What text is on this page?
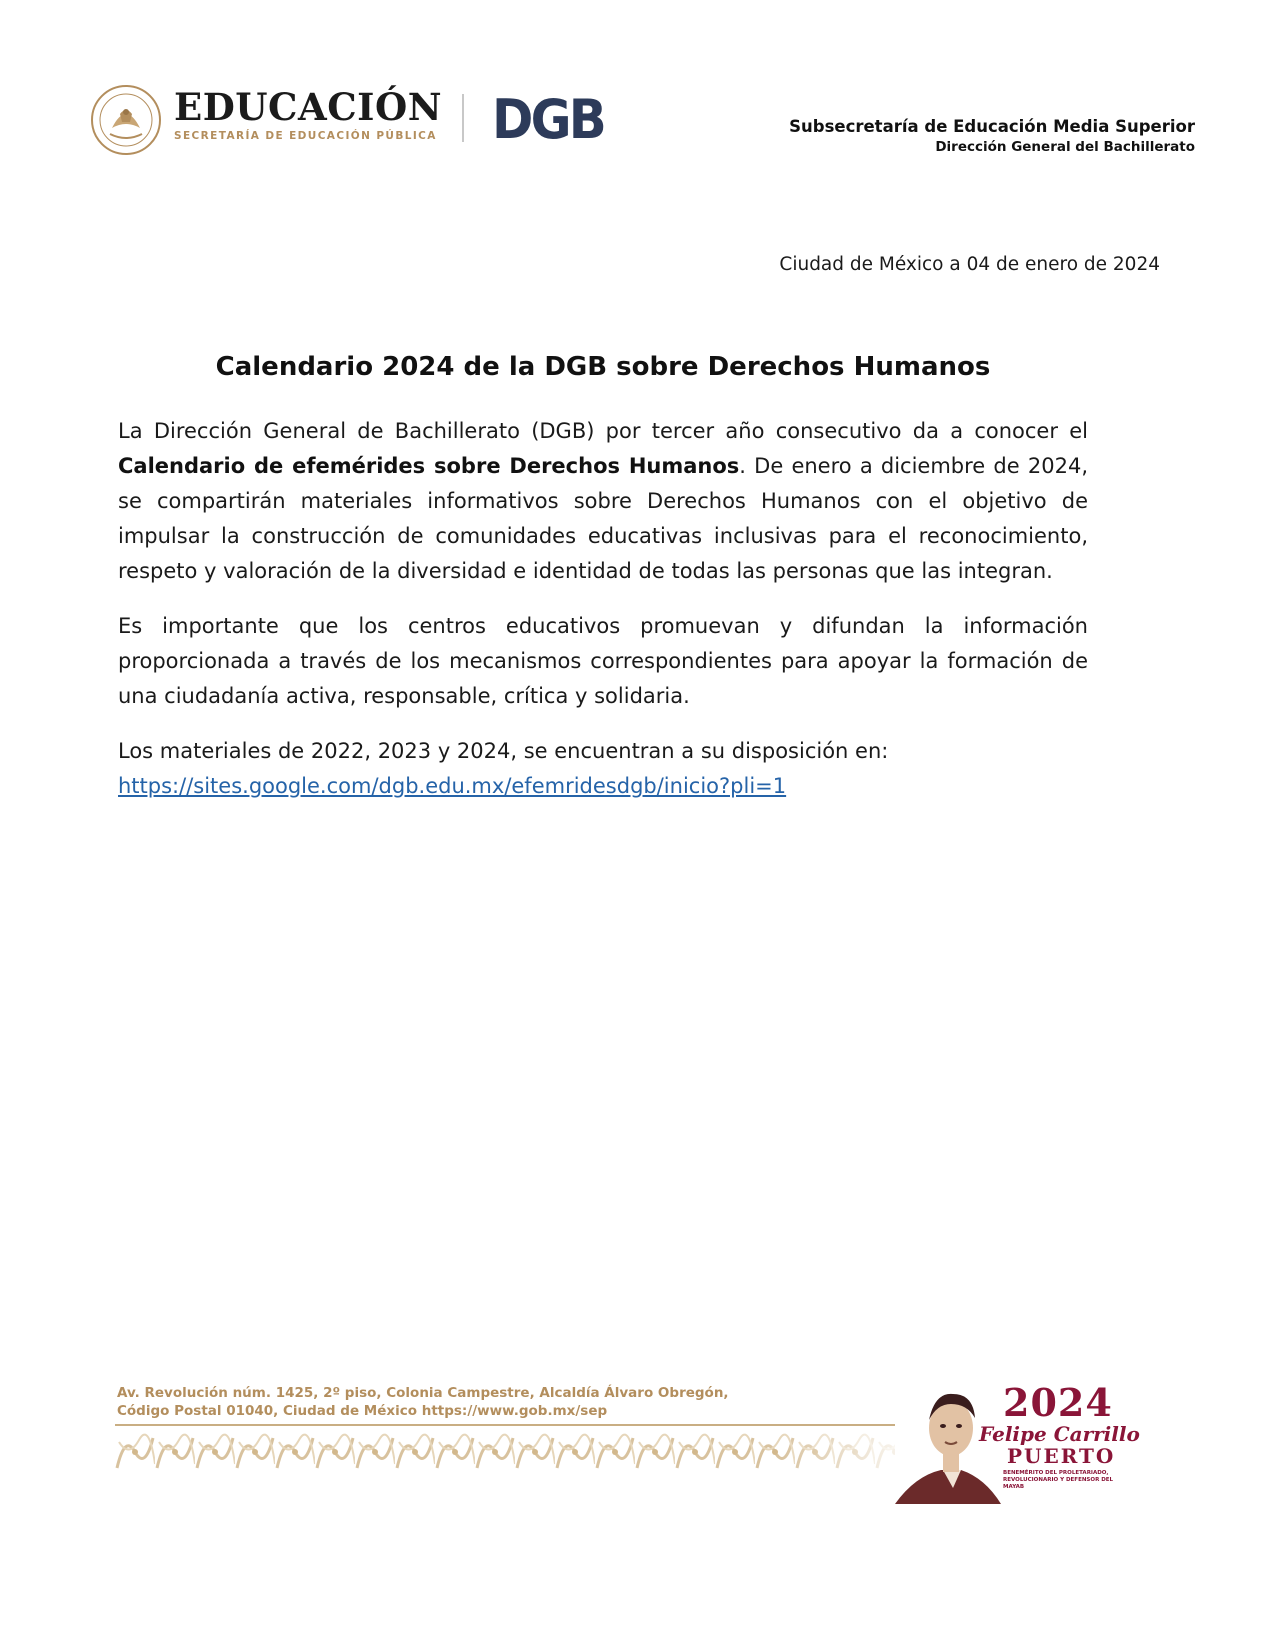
EDUCACIÓN
SECRETARÍA DE EDUCACIÓN PÚBLICA DGB	Subsecretaría de Educación Media Superior
Dirección General del Bachillerato
Ciudad de México a 04 de enero de 2024
Calendario 2024 de la DGB sobre Derechos Humanos

La Dirección General de Bachillerato (DGB) por tercer año consecutivo da a conocer el Calendario de efemérides sobre Derechos Humanos. De enero a diciembre de 2024, se compartirán materiales informativos sobre Derechos Humanos con el objetivo de impulsar la construcción de comunidades educativas inclusivas para el reconocimiento, respeto y valoración de la diversidad e identidad de todas las personas que las integran.

Es importante que los centros educativos promuevan y difundan la información proporcionada a través de los mecanismos correspondientes para apoyar la formación de una ciudadanía activa, responsable, crítica y solidaria.

Los materiales de 2022, 2023 y 2024, se encuentran a su disposición en:
https://sites.google.com/dgb.edu.mx/efemridesdgb/inicio?pli=1

Av. Revolución núm. 1425, 2º piso, Colonia Campestre, Alcaldía Álvaro Obregón,
Código Postal 01040, Ciudad de México https://www.gob.mx/sep	2024
Felipe Carrillo
PUERTO
BENEMÉRITO DEL PROLETARIADO, REVOLUCIONARIO Y DEFENSOR DEL MAYAB
